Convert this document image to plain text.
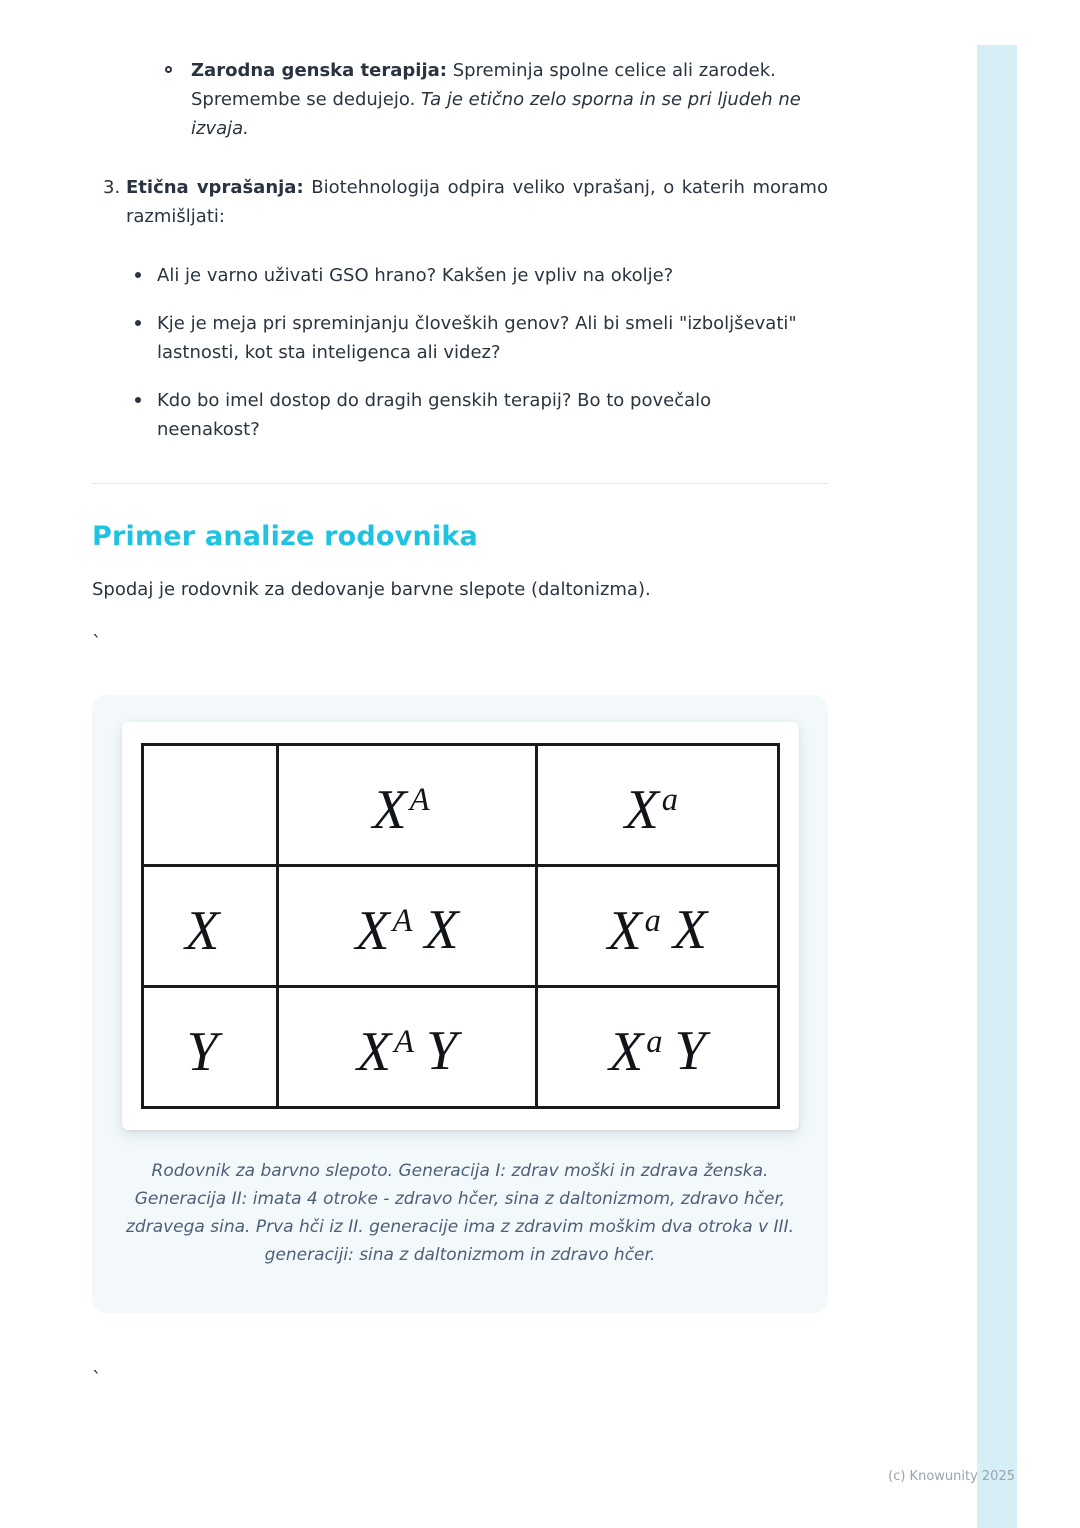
Zarodna genska terapija: Spreminja spolne celice ali zarodek. Spremembe se dedujejo. Ta je etično zelo sporna in se pri ljudeh ne izvaja.

3. Etična vprašanja: Biotehnologija odpira veliko vprašanj, o katerih moramo razmišljati:

Ali je varno uživati GSO hrano? Kakšen je vpliv na okolje?

Kje je meja pri spreminjanju človeških genov? Ali bi smeli "izboljševati" lastnosti, kot sta inteligenca ali videz?

Kdo bo imel dostop do dragih genskih terapij? Bo to povečalo neenakost?

Primer analize rodovnika

Spodaj je rodovnik za dedovanje barvne slepote (daltonizma).

`
	$X^A$	$X^a$
X	$X^A$ X	$X^a$ X
Y	$X^A$ Y	$X^a$ Y

Rodovnik za barvno slepoto. Generacija I: zdrav moški in zdrava ženska. Generacija II: imata 4 otroke - zdravo hčer, sina z daltonizmom, zdravo hčer, zdravega sina. Prva hči iz II. generacije ima z zdravim moškim dva otroka v III. generaciji: sina z daltonizmom in zdravo hčer.

`
(c) Knowunity 2025
